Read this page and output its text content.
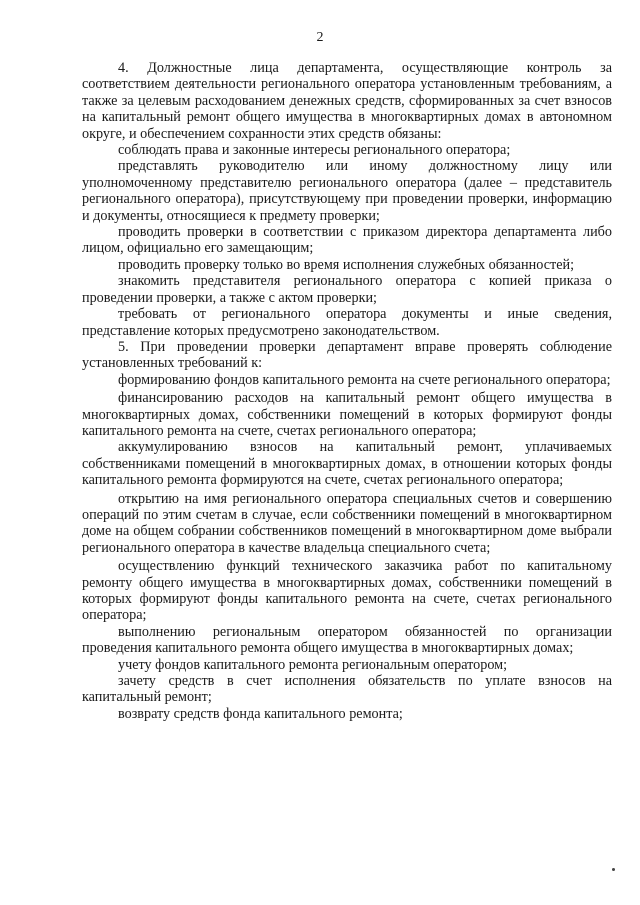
2

4. Должностные лица департамента, осуществляющие контроль за соответствием деятельности регионального оператора установленным требованиям, а также за целевым расходованием денежных средств, сформированных за счет взносов на капитальный ремонт общего имущества в многоквартирных домах в автономном округе, и обеспечением сохранности этих средств обязаны:

соблюдать права и законные интересы регионального оператора;

представлять руководителю или иному должностному лицу или уполномоченному представителю регионального оператора (далее – представитель регионального оператора), присутствующему при проведении проверки, информацию и документы, относящиеся к предмету проверки;

проводить проверки в соответствии с приказом директора департамента либо лицом, официально его замещающим;

проводить проверку только во время исполнения служебных обязанностей;

знакомить представителя регионального оператора с копией приказа о проведении проверки, а также с актом проверки;

требовать от регионального оператора документы и иные сведения, представление которых предусмотрено законодательством.

5. При проведении проверки департамент вправе проверять соблюдение установленных требований к:

формированию фондов капитального ремонта на счете регионального оператора;

финансированию расходов на капитальный ремонт общего имущества в многоквартирных домах, собственники помещений в которых формируют фонды капитального ремонта на счете, счетах регионального оператора;

аккумулированию взносов на капитальный ремонт, уплачиваемых собственниками помещений в многоквартирных домах, в отношении которых фонды капитального ремонта формируются на счете, счетах регионального оператора;

открытию на имя регионального оператора специальных счетов и совершению операций по этим счетам в случае, если собственники помещений в многоквартирном доме на общем собрании собственников помещений в многоквартирном доме выбрали регионального оператора в качестве владельца специального счета;

осуществлению функций технического заказчика работ по капитальному ремонту общего имущества в многоквартирных домах, собственники помещений в которых формируют фонды капитального ремонта на счете, счетах регионального оператора;

выполнению региональным оператором обязанностей по организации проведения капитального ремонта общего имущества в многоквартирных домах;

учету фондов капитального ремонта региональным оператором;

зачету средств в счет исполнения обязательств по уплате взносов на капитальный ремонт;

возврату средств фонда капитального ремонта;
